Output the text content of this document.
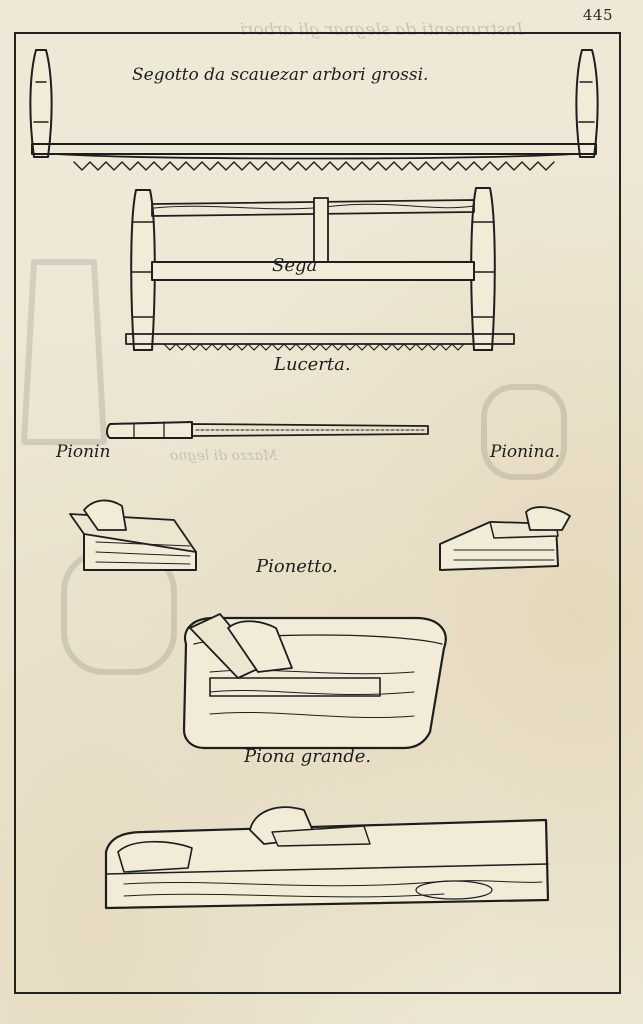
Instrumenti da slegnar gli arbori
Mazzo di legno
445
Segotto da scauezar arbori grossi.
Sega
Lucerta.
Pionin	Pionina.
Pionetto.
Piona grande.
